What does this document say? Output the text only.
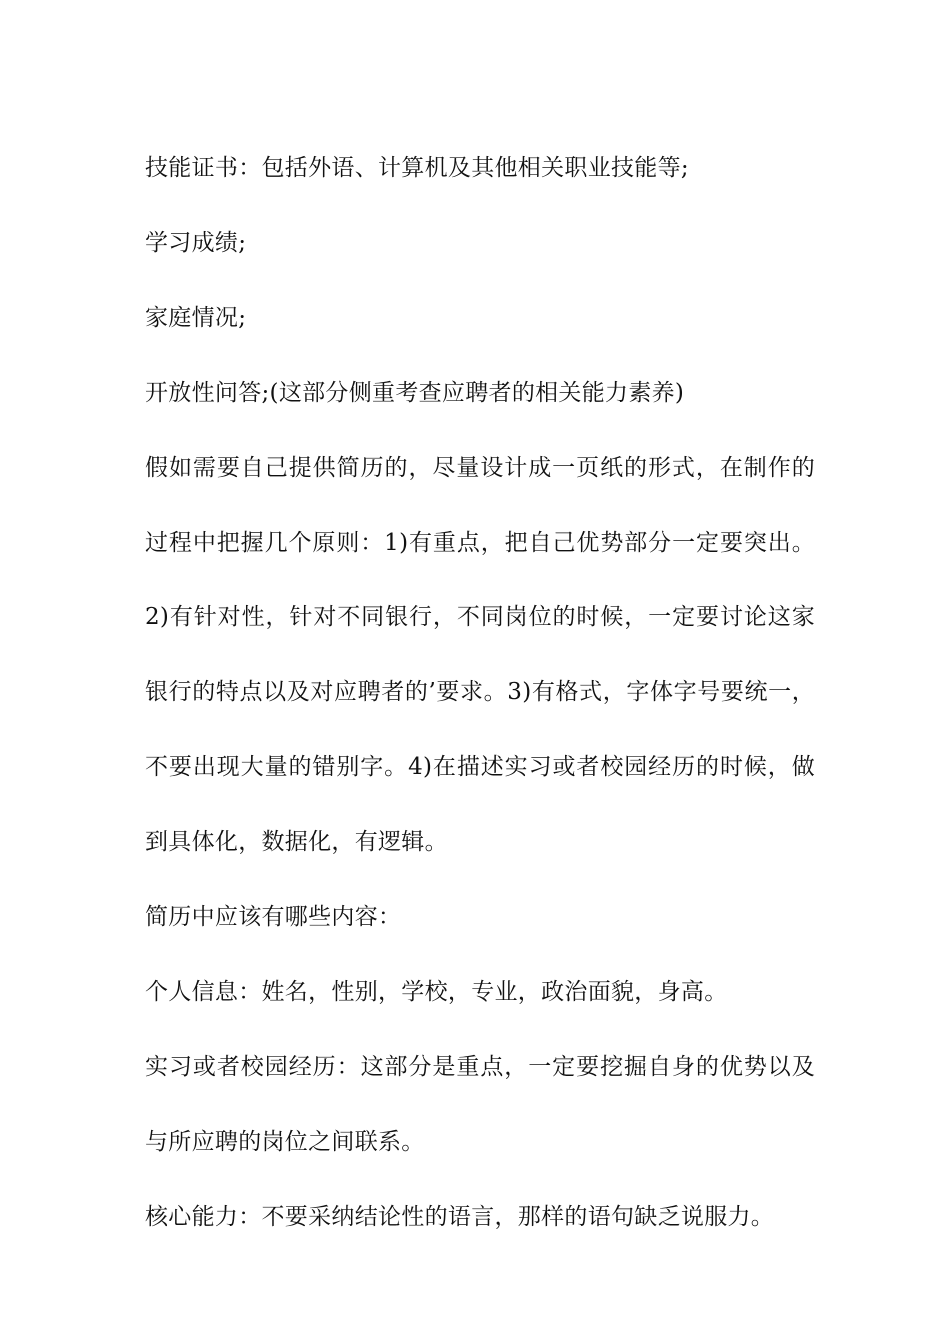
技能证书：包括外语、计算机及其他相关职业技能等;

学习成绩;

家庭情况;

开放性问答;(这部分侧重考查应聘者的相关能力素养)

假如需要自己提供简历的，尽量设计成一页纸的形式，在制作的过程中把握几个原则：1)有重点，把自己优势部分一定要突出。2)有针对性，针对不同银行，不同岗位的时候，一定要讨论这家银行的特点以及对应聘者的’要求。3)有格式，字体字号要统一，不要出现大量的错别字。4)在描述实习或者校园经历的时候，做到具体化，数据化，有逻辑。

简历中应该有哪些内容：

个人信息：姓名，性别，学校，专业，政治面貌，身高。

实习或者校园经历：这部分是重点，一定要挖掘自身的优势以及与所应聘的岗位之间联系。

核心能力：不要采纳结论性的语言，那样的语句缺乏说服力。
